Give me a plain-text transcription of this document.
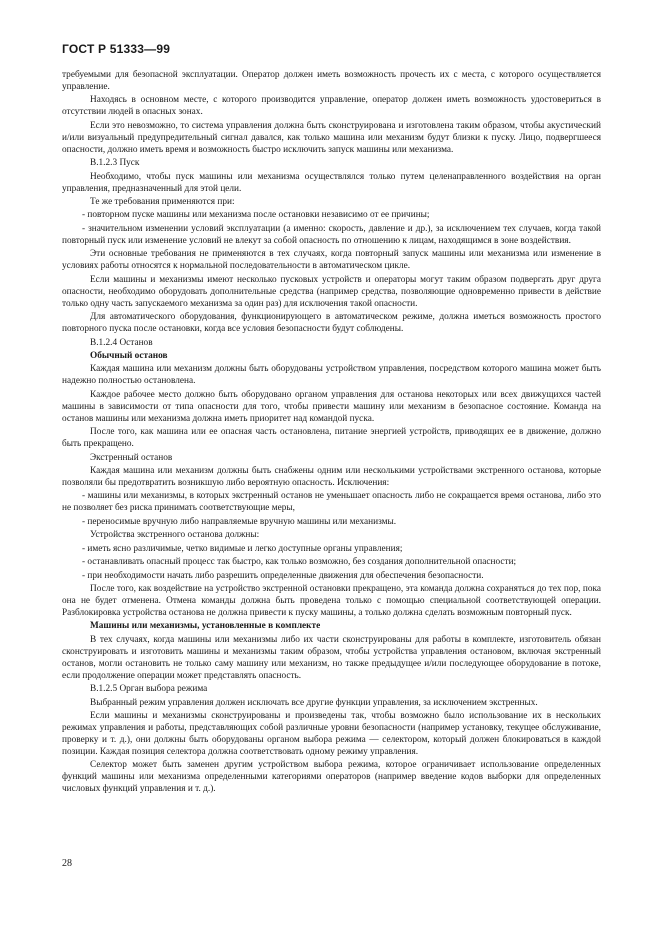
ГОСТ Р 51333—99

требуемыми для безопасной эксплуатации. Оператор должен иметь возможность прочесть их с места, с которого осуществляется управление.

Находясь в основном месте, с которого производится управление, оператор должен иметь возможность удостовериться в отсутствии людей в опасных зонах.

Если это невозможно, то система управления должна быть сконструирована и изготовлена таким образом, чтобы акустический и/или визуальный предупредительный сигнал давался, как только машина или механизм будут близки к пуску. Лицо, подвергшееся опасности, должно иметь время и возможность быстро исключить запуск машины или механизма.

В.1.2.3 Пуск

Необходимо, чтобы пуск машины или механизма осуществлялся только путем целенаправленного воздействия на орган управления, предназначенный для этой цели.

Те же требования применяются при:

- повторном пуске машины или механизма после остановки независимо от ее причины;

- значительном изменении условий эксплуатации (а именно: скорость, давление и др.), за исключением тех случаев, когда такой повторный пуск или изменение условий не влекут за собой опасность по отношению к лицам, находящимся в зоне воздействия.

Эти основные требования не применяются в тех случаях, когда повторный запуск машины или механизма или изменение в условиях работы относятся к нормальной последовательности в автоматическом цикле.

Если машины и механизмы имеют несколько пусковых устройств и операторы могут таким образом подвергать друг друга опасности, необходимо оборудовать дополнительные средства (например средства, позволяющие одновременно привести в действие только одну часть запускаемого механизма за один раз) для исключения такой опасности.

Для автоматического оборудования, функционирующего в автоматическом режиме, должна иметься возможность простого повторного пуска после остановки, когда все условия безопасности будут соблюдены.

В.1.2.4 Останов

Обычный останов

Каждая машина или механизм должны быть оборудованы устройством управления, посредством которого машина может быть надежно полностью остановлена.

Каждое рабочее место должно быть оборудовано органом управления для останова некоторых или всех движущихся частей машины в зависимости от типа опасности для того, чтобы привести машину или механизм в безопасное состояние. Команда на останов машины или механизма должна иметь приоритет над командой пуска.

После того, как машина или ее опасная часть остановлена, питание энергией устройств, приводящих ее в движение, должно быть прекращено.

Экстренный останов

Каждая машина или механизм должны быть снабжены одним или несколькими устройствами экстренного останова, которые позволяли бы предотвратить возникшую либо вероятную опасность. Исключения:

- машины или механизмы, в которых экстренный останов не уменьшает опасность либо не сокращается время останова, либо это не позволяет без риска принимать соответствующие меры,

- переносимые вручную либо направляемые вручную машины или механизмы.

Устройства экстренного останова должны:

- иметь ясно различимые, четко видимые и легко доступные органы управления;

- останавливать опасный процесс так быстро, как только возможно, без создания дополнительной опасности;

- при необходимости начать либо разрешить определенные движения для обеспечения безопасности.

После того, как воздействие на устройство экстренной остановки прекращено, эта команда должна сохраняться до тех пор, пока она не будет отменена. Отмена команды должна быть проведена только с помощью специальной соответствующей операции. Разблокировка устройства останова не должна привести к пуску машины, а только должна сделать возможным повторный пуск.

Машины или механизмы, установленные в комплекте

В тех случаях, когда машины или механизмы либо их части сконструированы для работы в комплекте, изготовитель обязан сконструировать и изготовить машины и механизмы таким образом, чтобы устройства управления остановом, включая экстренный останов, могли остановить не только саму машину или механизм, но также предыдущее и/или последующее оборудование в потоке, если продолжение операции может представлять опасность.

В.1.2.5 Орган выбора режима

Выбранный режим управления должен исключать все другие функции управления, за исключением экстренных.

Если машины и механизмы сконструированы и произведены так, чтобы возможно было использование их в нескольких режимах управления и работы, представляющих собой различные уровни безопасности (например установку, текущее обслуживание, проверку и т. д.), они должны быть оборудованы органом выбора режима — селектором, который должен блокироваться в каждой позиции. Каждая позиция селектора должна соответствовать одному режиму управления.

Селектор может быть заменен другим устройством выбора режима, которое ограничивает использование определенных функций машины или механизма определенными категориями операторов (например введение кодов выборки для определенных числовых функций управления и т. д.).

28
